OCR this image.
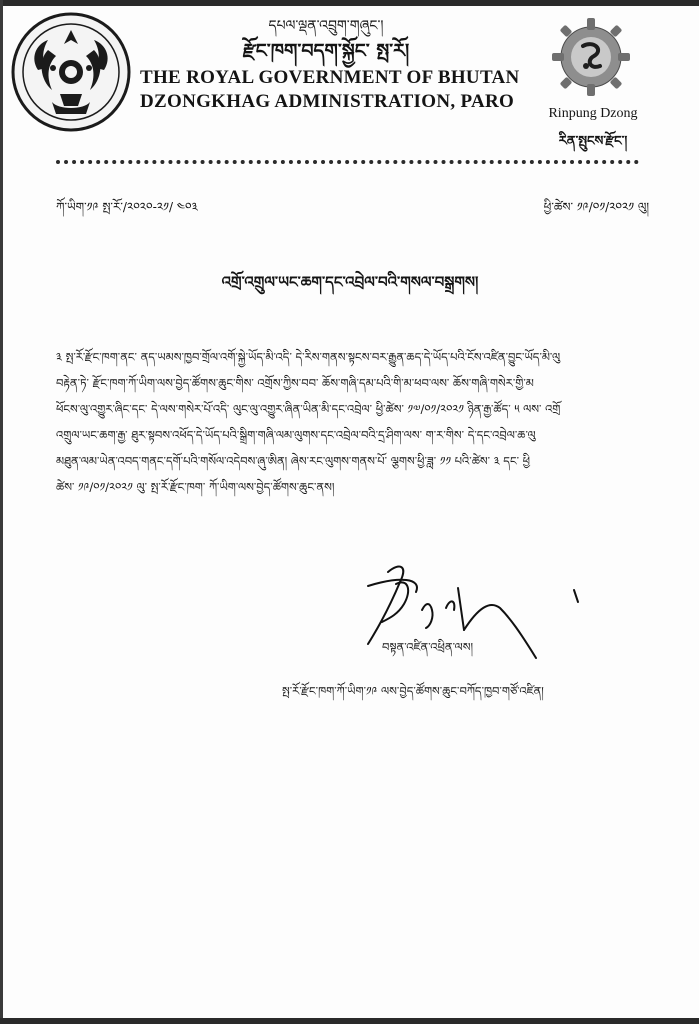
དཔལ་ལྡན་འབྲུག་གཞུང་།
རྫོང་ཁག་བདག་སྐྱོང་ སྤ་རོ།
THE ROYAL GOVERNMENT OF BHUTAN
DZONGKHAG ADMINISTRATION, PARO
Rinpung Dzong
རིན་སྤུངས་རྫོང་།
ཀོ་ཡིག་༡༩ སྤ་རོ་/༢༠༢༠-༢༡/ ༤༠༣	ཕྱི་ཚེས་ ༡༩/༠༡/༢༠༢༡ ལུ།
འགྲོ་འགྲུལ་ཡང་ཆག་དང་འབྲེལ་བའི་གསལ་བསྒྲགས།
༣ སྤ་རོ་རྫོང་ཁག་ནང་ ནད་ཡམས་ཁྱབ་གྲོལ་འགོ་སྐྱེ་ཡོད་མི་འདི་ དེ་རིས་གནས་སྟངས་བར་རྒྱུན་ཆད་དེ་ཡོད་པའི་ངོས་འཛིན་བྱུང་ཡོད་མི་ལུ
བརྟེན་ཏེ་ རྫོང་ཁག་ཀོ་ཡིག་ལས་བྱེད་ཚོགས་ཆུང་གིས་ འགྲོས་ཀྱིས་བབ་ ཆོས་གཞི་དམ་པའི་གི་མ་ཕབ་ལས་ ཆོས་གཞི་གསེར་གྱི་མ
ཕོངས་ལུ་འགྱུར་ཞིང་དང་ དེ་ལས་གསེར་པོ་འདི་ ལུང་ལུ་འགྱུར་ཞིན་ཡིན་མི་དང་འབྲེལ་ ཕྱི་ཚེས་ ༡༧/༠༡/༢༠༢༡ ཉིན་རྒྱ་ཚོད་ ༥ ལས་ འགྲོ
འགྲུལ་ཡང་ཆག་རྒྱ་ ཐུར་སྟབས་འཕོད་དེ་ཡོད་པའི་སྒྲིག་གཞི་ལམ་ལུགས་དང་འབྲེལ་བའི་དྲ་ཤིག་ལས་ ག་ར་གིས་ དེ་དང་འབྲེལ་ཆ་ལུ
མཐུན་ལམ་ཡེན་འབད་གནང་དགོ་པའི་གསོལ་འདེབས་ཞུ་ཨིན། ཞེས་རང་ལུགས་གནས་པོ་ ལྕགས་ཕྱི་ཟླ་ ༡༡ པའི་ཚེས་ ༣ དང་ ཕྱི
ཚེས་ ༡༩/༠༡/༢༠༢༡ ལུ་ སྤ་རོ་རྫོང་ཁག་ ཀོ་ཡིག་ལས་བྱེད་ཚོགས་ཆུང་ནས།
བསྟན་འཛིན་འཕྲིན་ལས།
སྤ་རོ་རྫོང་ཁག་ཀོ་ཡིག་༡༩ ལས་བྱེད་ཚོགས་ཆུང་བཀོད་ཁྱབ་གཙོ་འཛིན།
